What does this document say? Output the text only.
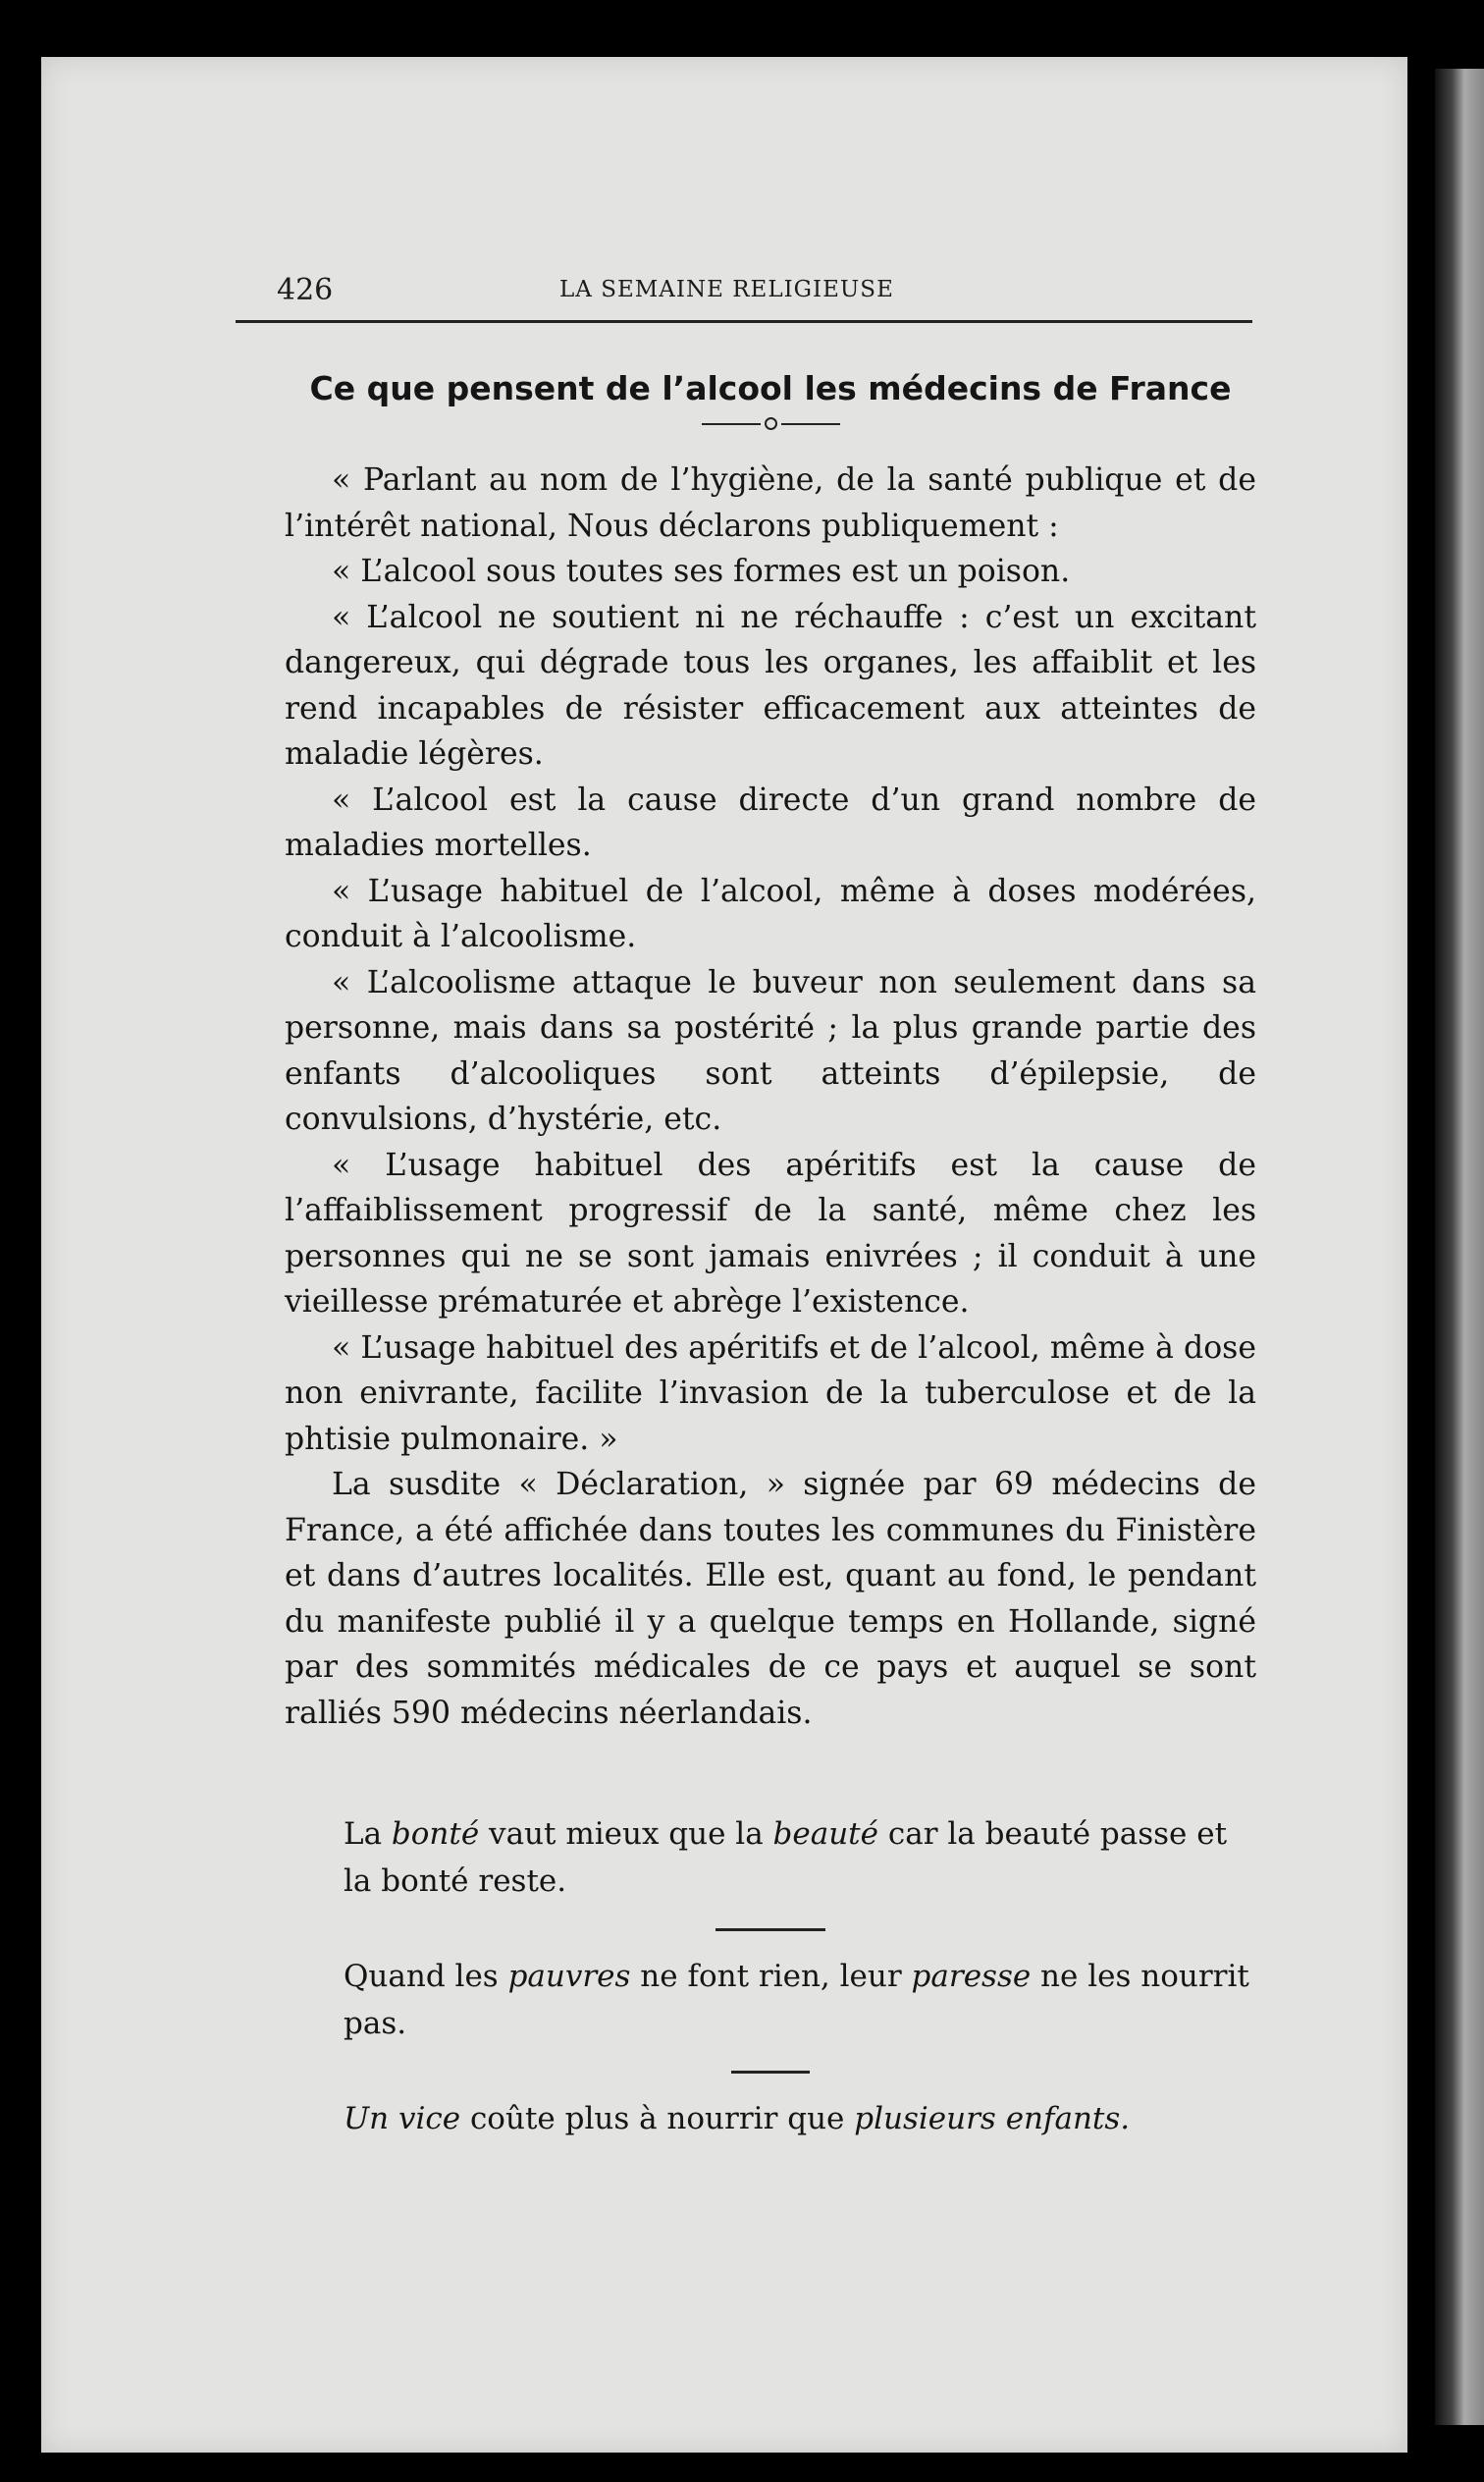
426	LA SEMAINE RELIGIEUSE
Ce que pensent de l’alcool les médecins de France

« Parlant au nom de l’hygiène, de la santé publique et de l’intérêt national, Nous déclarons publiquement :

« L’alcool sous toutes ses formes est un poison.

« L’alcool ne soutient ni ne réchauffe : c’est un excitant dangereux, qui dégrade tous les organes, les affaiblit et les rend incapables de résister efficacement aux atteintes de maladie légères.

« L’alcool est la cause directe d’un grand nombre de maladies mortelles.

« L’usage habituel de l’alcool, même à doses modérées, conduit à l’alcoolisme.

« L’alcoolisme attaque le buveur non seulement dans sa personne, mais dans sa postérité ; la plus grande partie des enfants d’alcooliques sont atteints d’épilepsie, de convulsions, d’hystérie, etc.

« L’usage habituel des apéritifs est la cause de l’affaiblissement progressif de la santé, même chez les personnes qui ne se sont jamais enivrées ; il conduit à une vieillesse prématurée et abrège l’existence.

« L’usage habituel des apéritifs et de l’alcool, même à dose non enivrante, facilite l’invasion de la tuberculose et de la phtisie pulmonaire. »

La susdite « Déclaration, » signée par 69 médecins de France, a été affichée dans toutes les communes du Finistère et dans d’autres localités. Elle est, quant au fond, le pendant du manifeste publié il y a quelque temps en Hollande, signé par des sommités médicales de ce pays et auquel se sont ralliés 590 médecins néerlandais.

La bonté vaut mieux que la beauté car la beauté passe et la bonté reste.

Quand les pauvres ne font rien, leur paresse ne les nourrit pas.

Un vice coûte plus à nourrir que plusieurs enfants.
